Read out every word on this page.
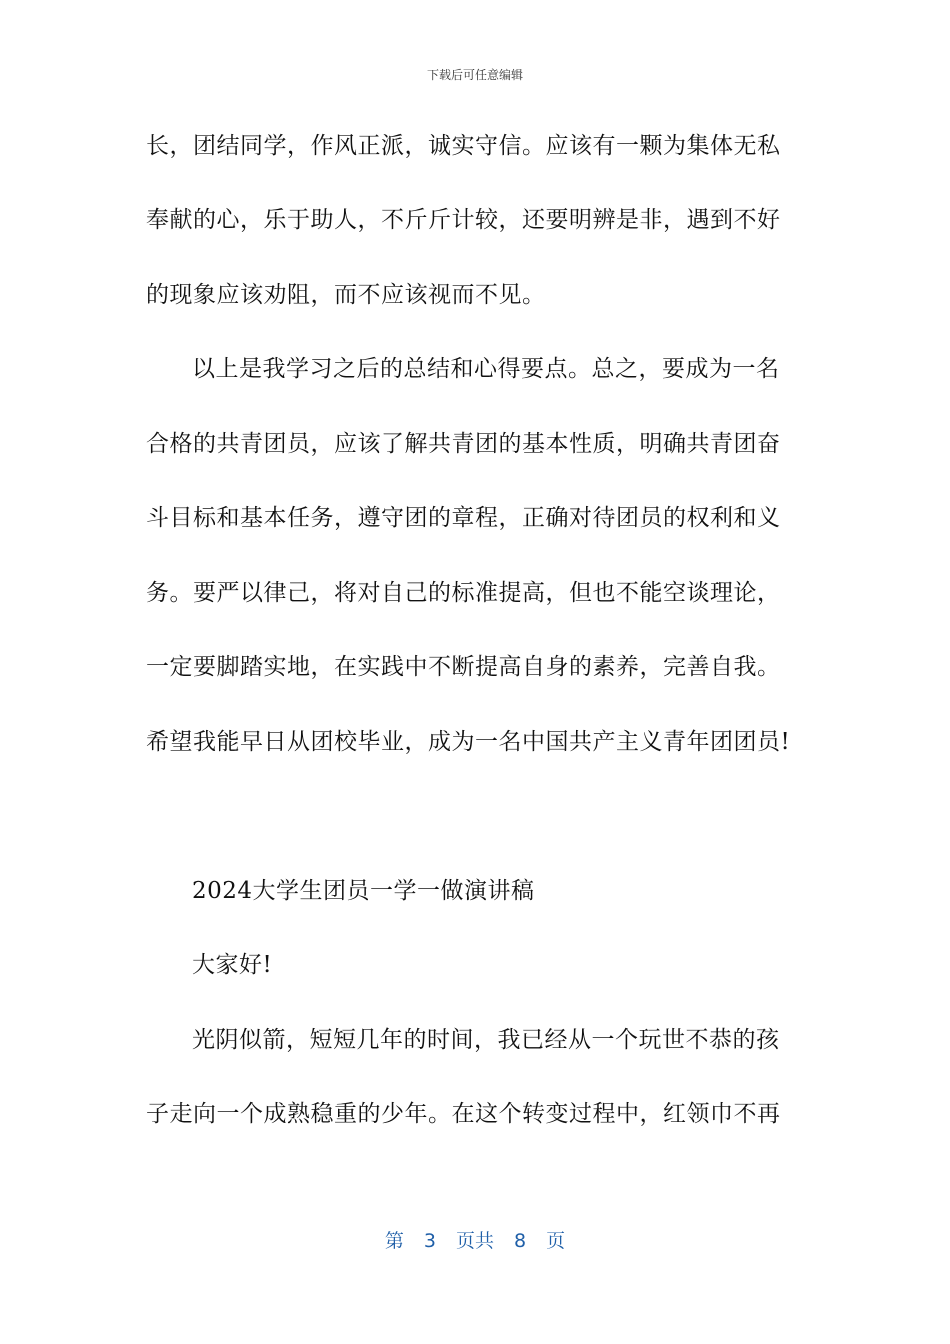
下载后可任意编辑
长，团结同学，作风正派，诚实守信。应该有一颗为集体无私
奉献的心，乐于助人，不斤斤计较，还要明辨是非，遇到不好
的现象应该劝阻，而不应该视而不见。
以上是我学习之后的总结和心得要点。总之，要成为一名
合格的共青团员，应该了解共青团的基本性质，明确共青团奋
斗目标和基本任务，遵守团的章程，正确对待团员的权利和义
务。要严以律己，将对自己的标准提高，但也不能空谈理论，
一定要脚踏实地，在实践中不断提高自身的素养，完善自我。
希望我能早日从团校毕业，成为一名中国共产主义青年团团员!
2024大学生团员一学一做演讲稿
大家好!
光阴似箭，短短几年的时间，我已经从一个玩世不恭的孩
子走向一个成熟稳重的少年。在这个转变过程中，红领巾不再
第 3 页共 8 页
